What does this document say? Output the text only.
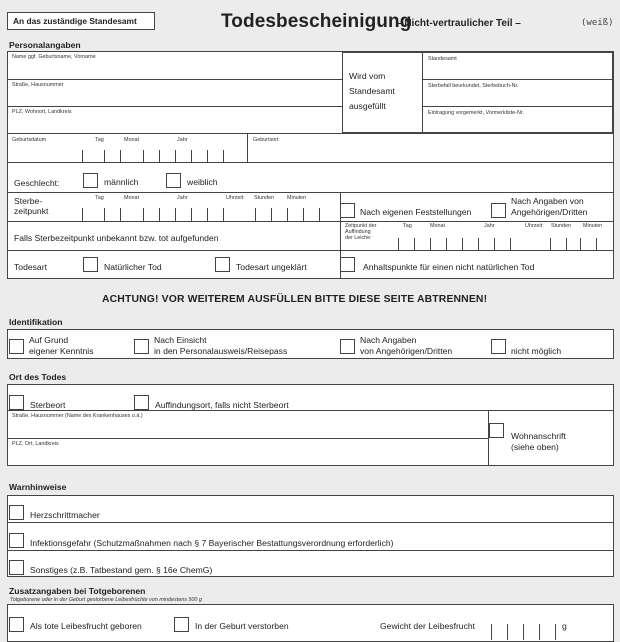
An das zuständige Standesamt	Todesbescheinigung
– Nicht-vertraulicher Teil –	(weiß)
Personalangaben
Name ggf. Geburtsname, Vorname
Straße, Hausnummer
PLZ, Wohnort, Landkreis
Wird vom
Standesamt
ausgefüllt
Standesamt
Sterbefall beurkundet, Sterbebuch-Nr.
Eintragung vorgemerkt, Vormerkliste-Nr.
Geburtsdatum	Tag	Monat	Jahr	Geburtsort
Geschlecht:	männlich	weiblich
Sterbe-
zeitpunkt
Tag	Monat	Jahr	Uhrzeit: Stunden Minuten
Nach eigenen Feststellungen
Nach Angaben von
Angehörigen/Dritten
Falls Sterbezeitpunkt unbekannt bzw. tot aufgefunden
Zeitpunkt der
Auffindung
der Leiche:
Tag	Monat	Jahr	Uhrzeit: Stunden Minuten
Todesart	Natürlicher Tod	Todesart ungeklärt	Anhaltspunkte für einen nicht natürlichen Tod
ACHTUNG! VOR WEITEREM AUSFÜLLEN BITTE DIESE SEITE ABTRENNEN!
Identifikation
Auf Grund
eigener Kenntnis
Nach Einsicht
in den Personalausweis/Reisepass
Nach Angaben
von Angehörigen/Dritten	nicht möglich
Ort des Todes
Sterbeort	Auffindungsort, falls nicht Sterbeort
Straße, Hausnummer (Name des Krankenhauses o.ä.)
PLZ, Ort, Landkreis
Wohnanschrift
(siehe oben)
Warnhinweise
Herzschrittmacher
Infektionsgefahr (Schutzmaßnahmen nach § 7 Bayerischer Bestattungsverordnung erforderlich)
Sonstiges (z.B. Tatbestand gem. § 16e ChemG)
Zusatzangaben bei Totgeborenen
Totgeborene oder in der Geburt gestorbene Leibesfrüchte von mindestens 500 g
Als tote Leibesfrucht geboren	In der Geburt verstorben	Gewicht der Leibesfrucht	g
